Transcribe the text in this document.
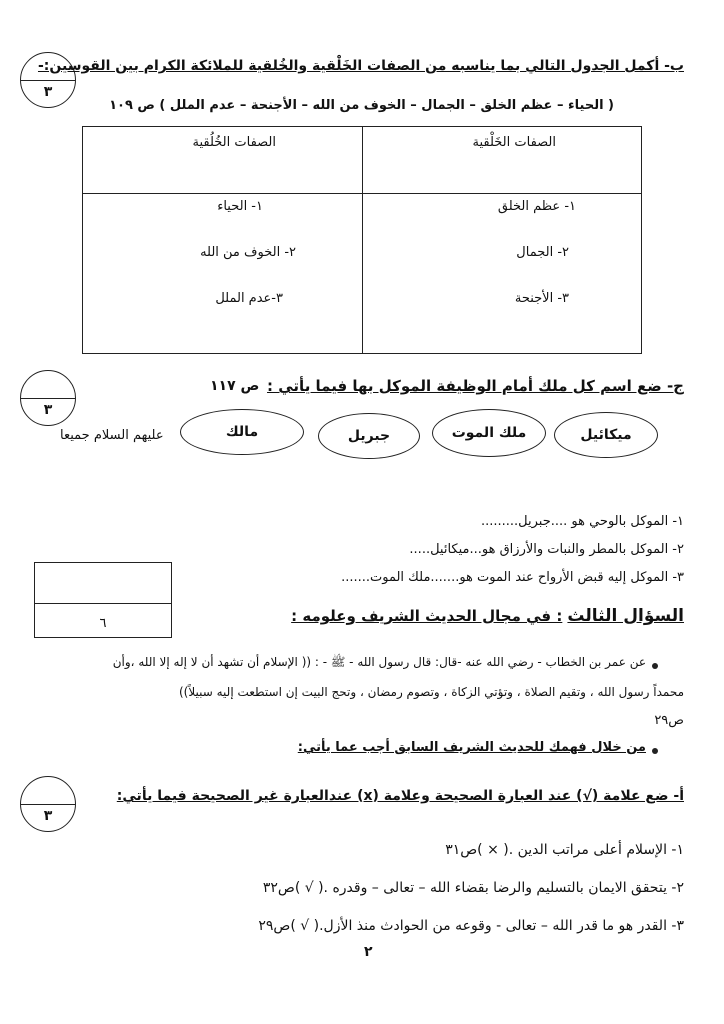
٣
ب- أكمل الجدول التالي بما يناسبه من الصفات الخَلْقية والخُلقية للملائكة الكرام بين القوسين:-
( الحياء – عظم الخلق – الجمال – الخوف من الله – الأجنحة – عدم الملل ) ص ١٠٩
الصفات الخَلْقية
الصفات الخُلُقية
١- عظم الخلق
٢- الجمال
٣- الأجنحة
١- الحياء
٢- الخوف من الله
٣-عدم الملل
٣
ج- ضع اسم كل ملك أمام الوظيفة الموكل بها فيما يأتي :
ص ١١٧
ميكائيل
ملك الموت
جبريل
مالك
عليهم السلام جميعا
١- الموكل بالوحي هو ....جبريل.........
٢- الموكل بالمطر والنبات والأرزاق هو...ميكائيل.....
٣- الموكل إليه قبض الأرواح عند الموت هو.......ملك الموت.......
٦	السؤال الثالث : في مجال الحديث الشريف وعلومه :
عن عمر بن الخطاب - رضي الله عنه -قال: قال رسول الله - ﷺ - : (( الإسلام أن تشهد أن لا إله إلا الله ،وأن
محمداً رسول الله ، وتقيم الصلاة ، وتؤتي الزكاة ، وتصوم رمضان ، وتحج البيت إن استطعت إليه سبيلاً))
ص٢٩
من خلال فهمك للحديث الشريف السابق أجب عما يأتي:
٣
أ- ضع علامة (√) عند العبارة الصحيحة وعلامة (x) عندالعبارة غير الصحيحة فيما يأتي:
١- الإسلام أعلى مراتب الدين .( × )ص٣١
٢- يتحقق الايمان بالتسليم والرضا بقضاء الله – تعالى – وقدره .( √ )ص٣٢
٣- القدر هو ما قدر الله – تعالى - وقوعه من الحوادث منذ الأزل.( √ )ص٢٩
٢
